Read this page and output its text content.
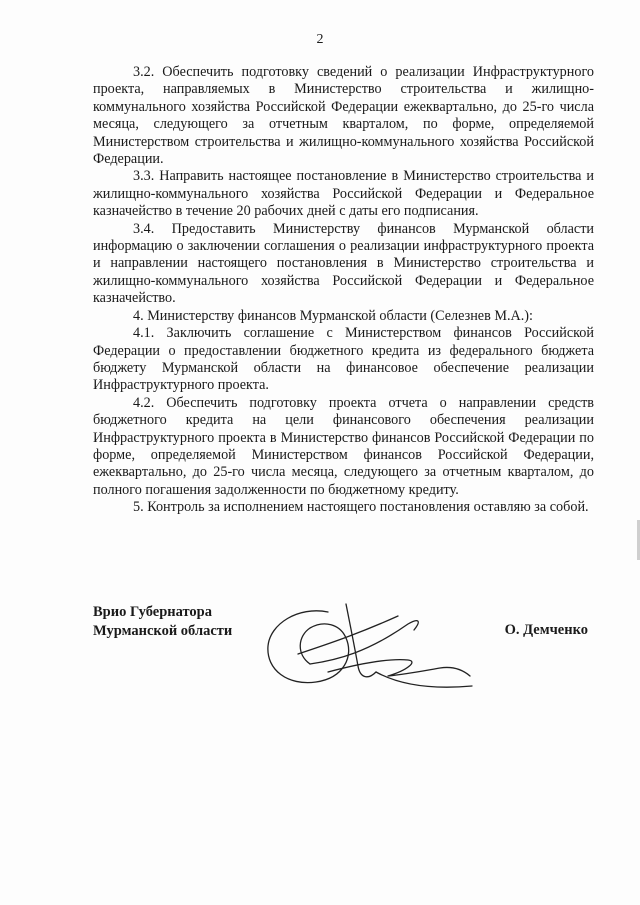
2

3.2. Обеспечить подготовку сведений о реализации Инфраструктурного проекта, направляемых в Министерство строительства и жилищно-коммунального хозяйства Российской Федерации ежеквартально, до 25-го числа месяца, следующего за отчетным кварталом, по форме, определяемой Министерством строительства и жилищно-коммунального хозяйства Российской Федерации.

3.3. Направить настоящее постановление в Министерство строительства и жилищно-коммунального хозяйства Российской Федерации и Федеральное казначейство в течение 20 рабочих дней с даты его подписания.

3.4. Предоставить Министерству финансов Мурманской области информацию о заключении соглашения о реализации инфраструктурного проекта и направлении настоящего постановления в Министерство строительства и жилищно-коммунального хозяйства Российской Федерации и Федеральное казначейство.

4. Министерству финансов Мурманской области (Селезнев М.А.):

4.1. Заключить соглашение с Министерством финансов Российской Федерации о предоставлении бюджетного кредита из федерального бюджета бюджету Мурманской области на финансовое обеспечение реализации Инфраструктурного проекта.

4.2. Обеспечить подготовку проекта отчета о направлении средств бюджетного кредита на цели финансового обеспечения реализации Инфраструктурного проекта в Министерство финансов Российской Федерации по форме, определяемой Министерством финансов Российской Федерации, ежеквартально, до 25-го числа месяца, следующего за отчетным кварталом, до полного погашения задолженности по бюджетному кредиту.

5. Контроль за исполнением настоящего постановления оставляю за собой.

Врио Губернатора
Мурманской области	О. Демченко
